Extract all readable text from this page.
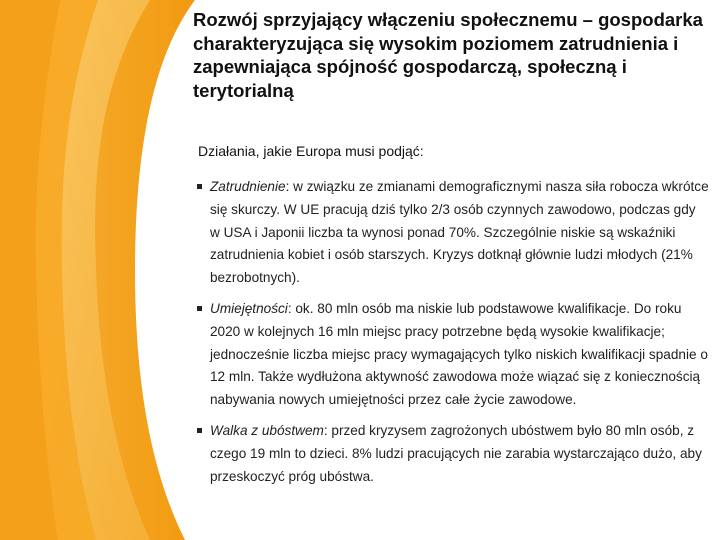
Rozwój sprzyjający włączeniu społecznemu – gospodarka charakteryzująca się wysokim poziomem zatrudnienia i zapewniająca spójność gospodarczą, społeczną i terytorialną
Działania, jakie Europa musi podjąć:
Zatrudnienie: w związku ze zmianami demograficznymi nasza siła robocza wkrótce się skurczy. W UE pracują dziś tylko 2/3 osób czynnych zawodowo, podczas gdy w USA i Japonii liczba ta wynosi ponad 70%. Szczególnie niskie są wskaźniki zatrudnienia kobiet i osób starszych. Kryzys dotknął głównie ludzi młodych (21% bezrobotnych).
Umiejętności: ok. 80 mln osób ma niskie lub podstawowe kwalifikacje. Do roku 2020 w kolejnych 16 mln miejsc pracy potrzebne będą wysokie kwalifikacje; jednocześnie liczba miejsc pracy wymagających tylko niskich kwalifikacji spadnie o 12 mln. Także wydłużona aktywność zawodowa może wiązać się z koniecznością nabywania nowych umiejętności przez całe życie zawodowe.
Walka z ubóstwem: przed kryzysem zagrożonych ubóstwem było 80 mln osób, z czego 19 mln to dzieci. 8% ludzi pracujących nie zarabia wystarczająco dużo, aby przeskoczyć próg ubóstwa.
